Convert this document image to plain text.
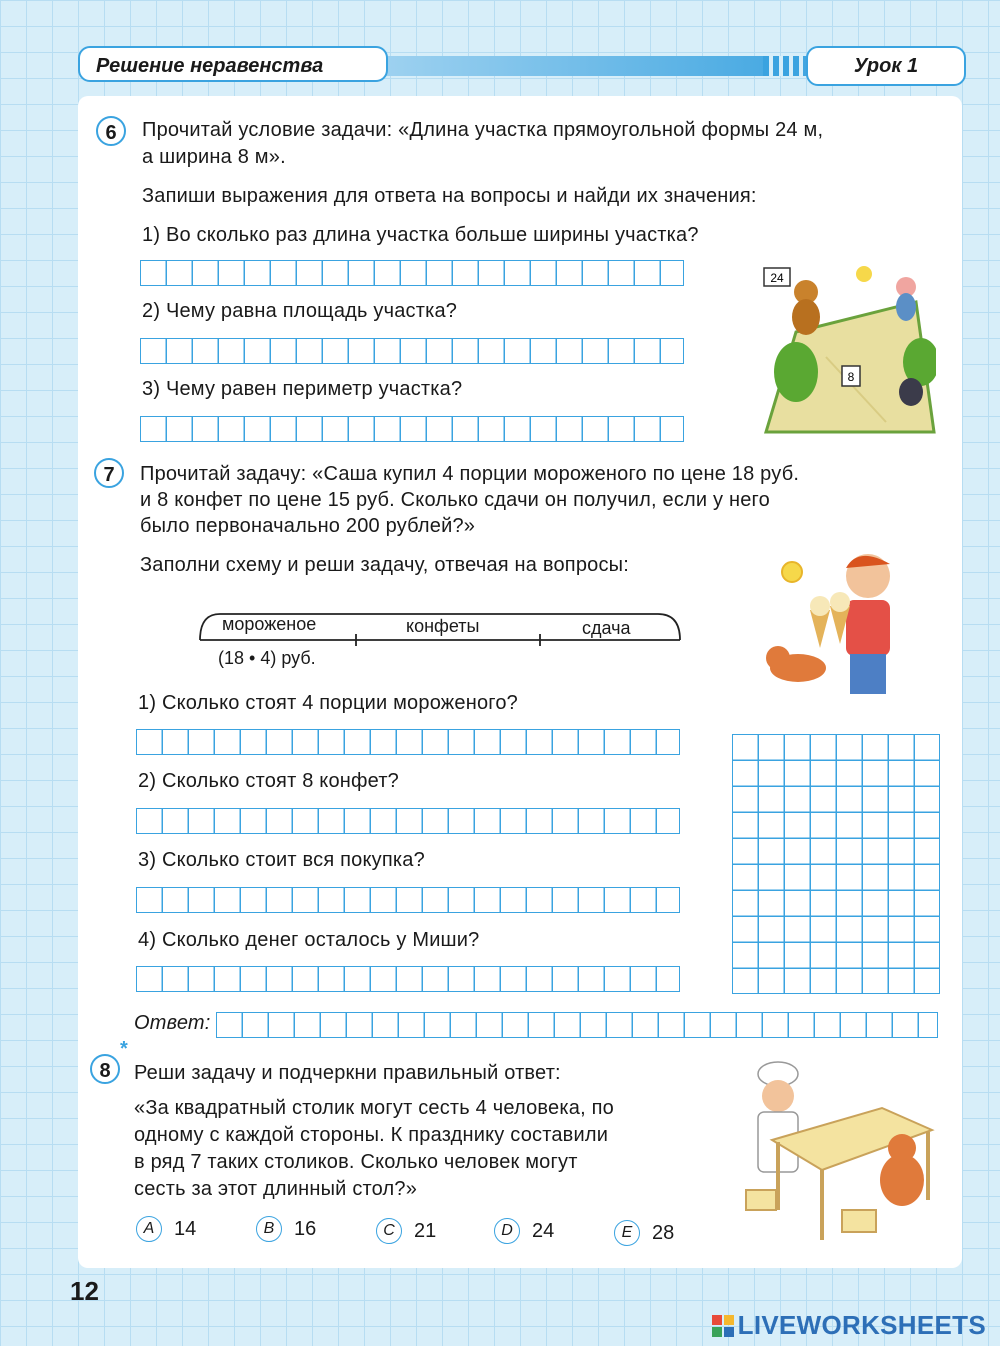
Решение неравенства	Урок 1
6	Прочитай условие задачи: «Длина участка прямоугольной формы 24 м,
а ширина 8 м».
Запиши выражения для ответа на вопросы и найди их значения:
1) Во сколько раз длина участка больше ширины участка?
2) Чему равна площадь участка?
3) Чему равен периметр участка?
24
8
7	Прочитай задачу: «Саша купил 4 порции мороженого по цене 18 руб.
и 8 конфет по цене 15 руб. Сколько сдачи он получил, если у него
было первоначально 200 рублей?»
Заполни схему и реши задачу, отвечая на вопросы:
мороженое	конфеты	сдача
(18 • 4) руб.
1) Сколько стоят 4 порции мороженого?
2) Сколько стоят 8 конфет?
3) Сколько стоит вся покупка?
4) Сколько денег осталось у Миши?
Ответ:
*
8	Реши задачу и подчеркни правильный ответ:
«За квадратный столик могут сесть 4 человека, по
одному с каждой стороны. К празднику составили
в ряд 7 таких столиков. Сколько человек могут
сесть за этот длинный стол?»
A 14	B 16	C 21	D 24	E 28
12
LIVEWORKSHEETS
